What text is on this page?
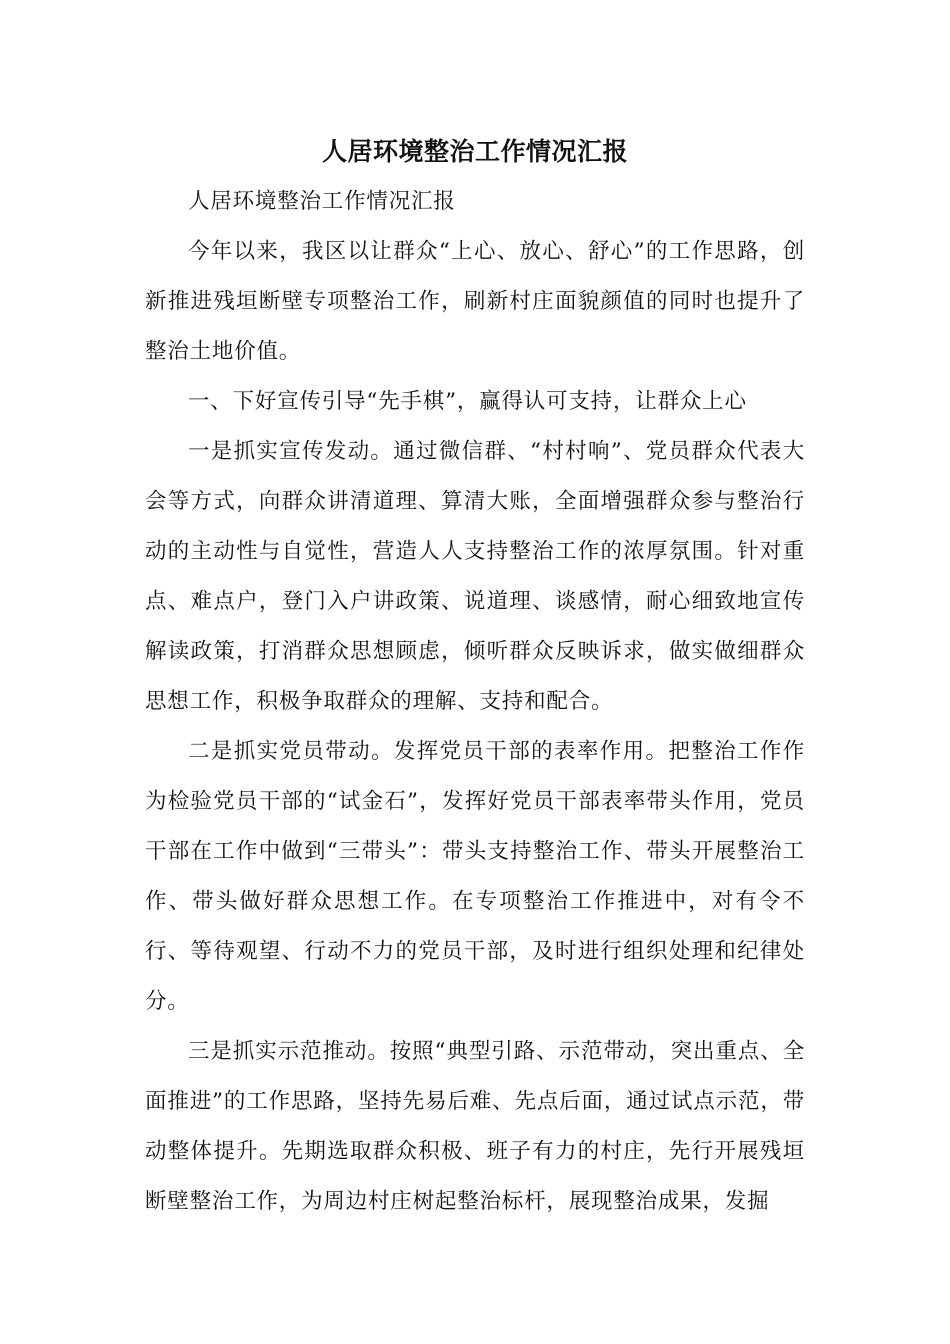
人居环境整治工作情况汇报

人居环境整治工作情况汇报

今年以来，我区以让群众“上心、放心、舒心”的工作思路，创新推进残垣断壁专项整治工作，刷新村庄面貌颜值的同时也提升了整治土地价值。

一、下好宣传引导“先手棋”，赢得认可支持，让群众上心

一是抓实宣传发动。通过微信群、“村村响”、党员群众代表大会等方式，向群众讲清道理、算清大账，全面增强群众参与整治行动的主动性与自觉性，营造人人支持整治工作的浓厚氛围。针对重点、难点户，登门入户讲政策、说道理、谈感情，耐心细致地宣传解读政策，打消群众思想顾虑，倾听群众反映诉求，做实做细群众思想工作，积极争取群众的理解、支持和配合。

二是抓实党员带动。发挥党员干部的表率作用。把整治工作作为检验党员干部的“试金石”，发挥好党员干部表率带头作用，党员干部在工作中做到“三带头”：带头支持整治工作、带头开展整治工作、带头做好群众思想工作。在专项整治工作推进中，对有令不行、等待观望、行动不力的党员干部，及时进行组织处理和纪律处分。

三是抓实示范推动。按照“典型引路、示范带动，突出重点、全面推进”的工作思路，坚持先易后难、先点后面，通过试点示范，带动整体提升。先期选取群众积极、班子有力的村庄，先行开展残垣断壁整治工作，为周边村庄树起整治标杆，展现整治成果，发掘
